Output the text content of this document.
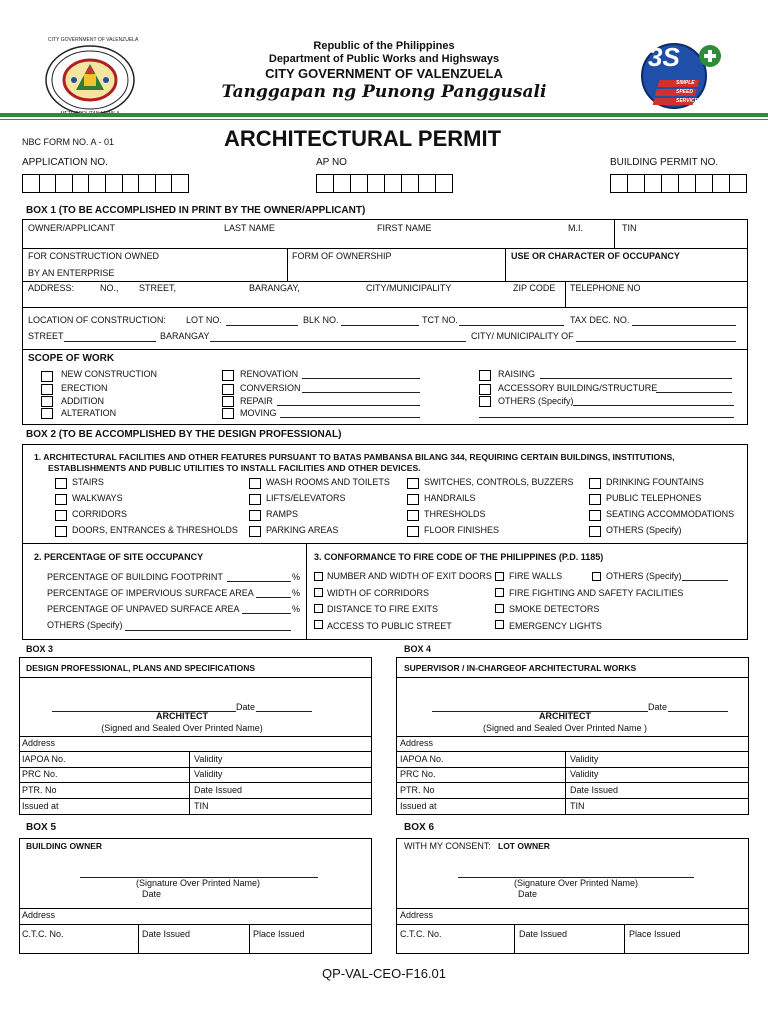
CITY GOVERNMENT OF VALENZUELA	Republic of the Philippines
Department of Public Works and Highsways
CITY GOVERNMENT OF VALENZUELA
Tanggapan ng Punong Panggusali
3S
SIMPLE
SPEED
SERVICE
NBC FORM NO. A - 01	ARCHITECTURAL PERMIT
APPLICATION NO.	AP NO	BUILDING PERMIT NO.
BOX 1 (TO BE ACCOMPLISHED IN PRINT BY THE OWNER/APPLICANT)
OWNER/APPLICANT	LAST NAME	FIRST NAME	M.I.	TIN
FOR CONSTRUCTION OWNED
BY AN ENTERPRISE
FORM OF OWNERSHIP	USE OR CHARACTER OF OCCUPANCY
ADDRESS:	NO., STREET,	BARANGAY,	CITY/MUNICIPALITY	ZIP CODE TELEPHONE NO
LOCATION OF CONSTRUCTION: LOT NO.	BLK NO.	TCT NO.	TAX DEC. NO.
STREET	BARANGAY	CITY/ MUNICIPALITY OF
SCOPE OF WORK
NEW CONSTRUCTION
ERECTION
ADDITION
ALTERATION
RENOVATION
CONVERSION
REPAIR
MOVING
RAISING
ACCESSORY BUILDING/STRUCTURE
OTHERS (Specify)
BOX 2 (TO BE ACCOMPLISHED BY THE DESIGN PROFESSIONAL)
1. ARCHITECTURAL FACILITIES AND OTHER FEATURES PURSUANT TO BATAS PAMBANSA BILANG 344, REQUIRING CERTAIN BUILDINGS, INSTITUTIONS,
ESTABLISHMENTS AND PUBLIC UTILITIES TO INSTALL FACILITIES AND OTHER DEVICES.
STAIRS
WALKWAYS
CORRIDORS
DOORS, ENTRANCES & THRESHOLDS
WASH ROOMS AND TOILETS
LIFTS/ELEVATORS
RAMPS
PARKING AREAS
SWITCHES, CONTROLS, BUZZERS
HANDRAILS
THRESHOLDS
FLOOR FINISHES
DRINKING FOUNTAINS
PUBLIC TELEPHONES
SEATING ACCOMMODATIONS
OTHERS (Specify)
2. PERCENTAGE OF SITE OCCUPANCY
PERCENTAGE OF BUILDING FOOTPRINT	%
PERCENTAGE OF IMPERVIOUS SURFACE AREA	%
PERCENTAGE OF UNPAVED SURFACE AREA	%
OTHERS (Specify)
3. CONFORMANCE TO FIRE CODE OF THE PHILIPPINES (P.D. 1185)
NUMBER AND WIDTH OF EXIT DOORS
WIDTH OF CORRIDORS
DISTANCE TO FIRE EXITS
ACCESS TO PUBLIC STREET
FIRE WALLS
FIRE FIGHTING AND SAFETY FACILITIES
SMOKE DETECTORS
EMERGENCY LIGHTS
OTHERS (Specify)
BOX 3
DESIGN PROFESSIONAL, PLANS AND SPECIFICATIONS
Date
ARCHITECT
(Signed and Sealed Over Printed Name)
Address
IAPOA No.	Validity
PRC No.	Validity
PTR. No	Date Issued
Issued at	TIN
BOX 4
SUPERVISOR / IN-CHARGEOF ARCHITECTURAL WORKS
Date
ARCHITECT
(Signed and Sealed Over Printed Name )
Address
IAPOA No.	Validity
PRC No.	Validity
PTR. No	Date Issued
Issued at	TIN
BOX 5
BUILDING OWNER
(Signature Over Printed Name)
Date
Address
C.T.C. No.	Date Issued	Place Issued
BOX 6
WITH MY CONSENT: LOT OWNER
(Signature Over Printed Name)
Date
Address
C.T.C. No.	Date Issued	Place Issued
QP-VAL-CEO-F16.01
